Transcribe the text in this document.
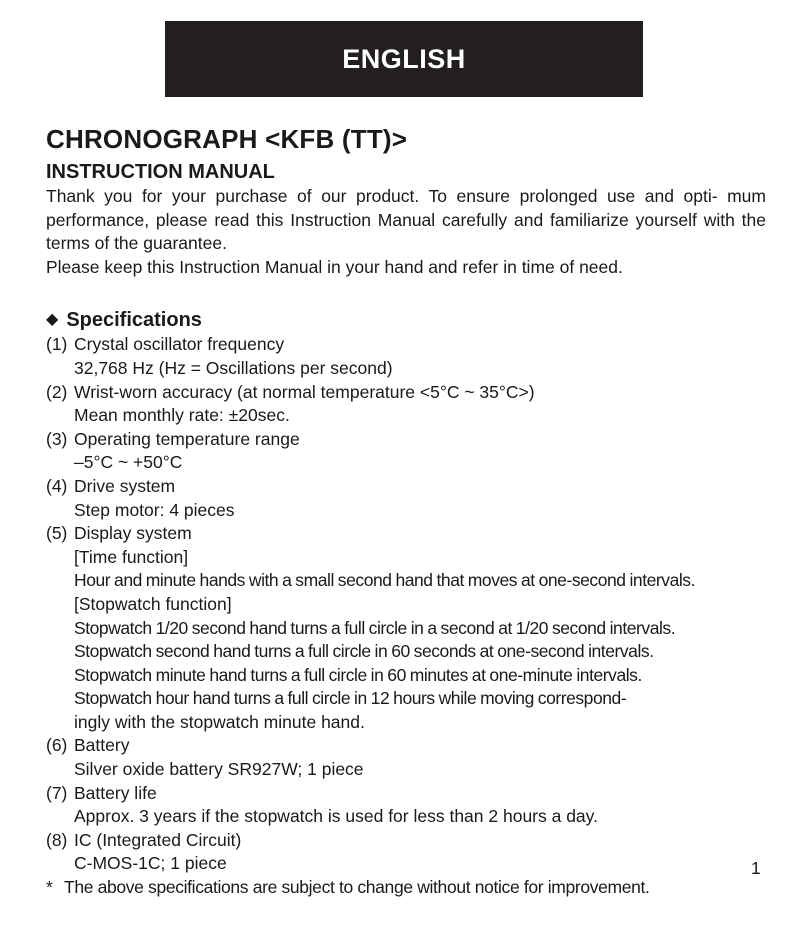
ENGLISH
CHRONOGRAPH <KFB (TT)>
INSTRUCTION MANUAL

Thank you for your purchase of our product. To ensure prolonged use and opti- mum performance, please read this Instruction Manual carefully and familiarize yourself with the terms of the guarantee.
Please keep this Instruction Manual in your hand and refer in time of need.

◆ Specifications
(1) Crystal oscillator frequency
32,768 Hz (Hz = Oscillations per second)
(2) Wrist-worn accuracy (at normal temperature <5°C ~ 35°C>)
Mean monthly rate: ±20sec.
(3) Operating temperature range
–5°C ~ +50°C
(4) Drive system
Step motor: 4 pieces
(5) Display system
[Time function]
Hour and minute hands with a small second hand that moves at one-second intervals.
[Stopwatch function]
Stopwatch 1/20 second hand turns a full circle in a second at 1/20 second intervals.
Stopwatch second hand turns a full circle in 60 seconds at one-second intervals.
Stopwatch minute hand turns a full circle in 60 minutes at one-minute intervals.
Stopwatch hour hand turns a full circle in 12 hours while moving correspond-
ingly with the stopwatch minute hand.
(6) Battery
Silver oxide battery SR927W; 1 piece
(7) Battery life
Approx. 3 years if the stopwatch is used for less than 2 hours a day.
(8) IC (Integrated Circuit)
C-MOS-1C; 1 piece
* The above specifications are subject to change without notice for improvement.
1
